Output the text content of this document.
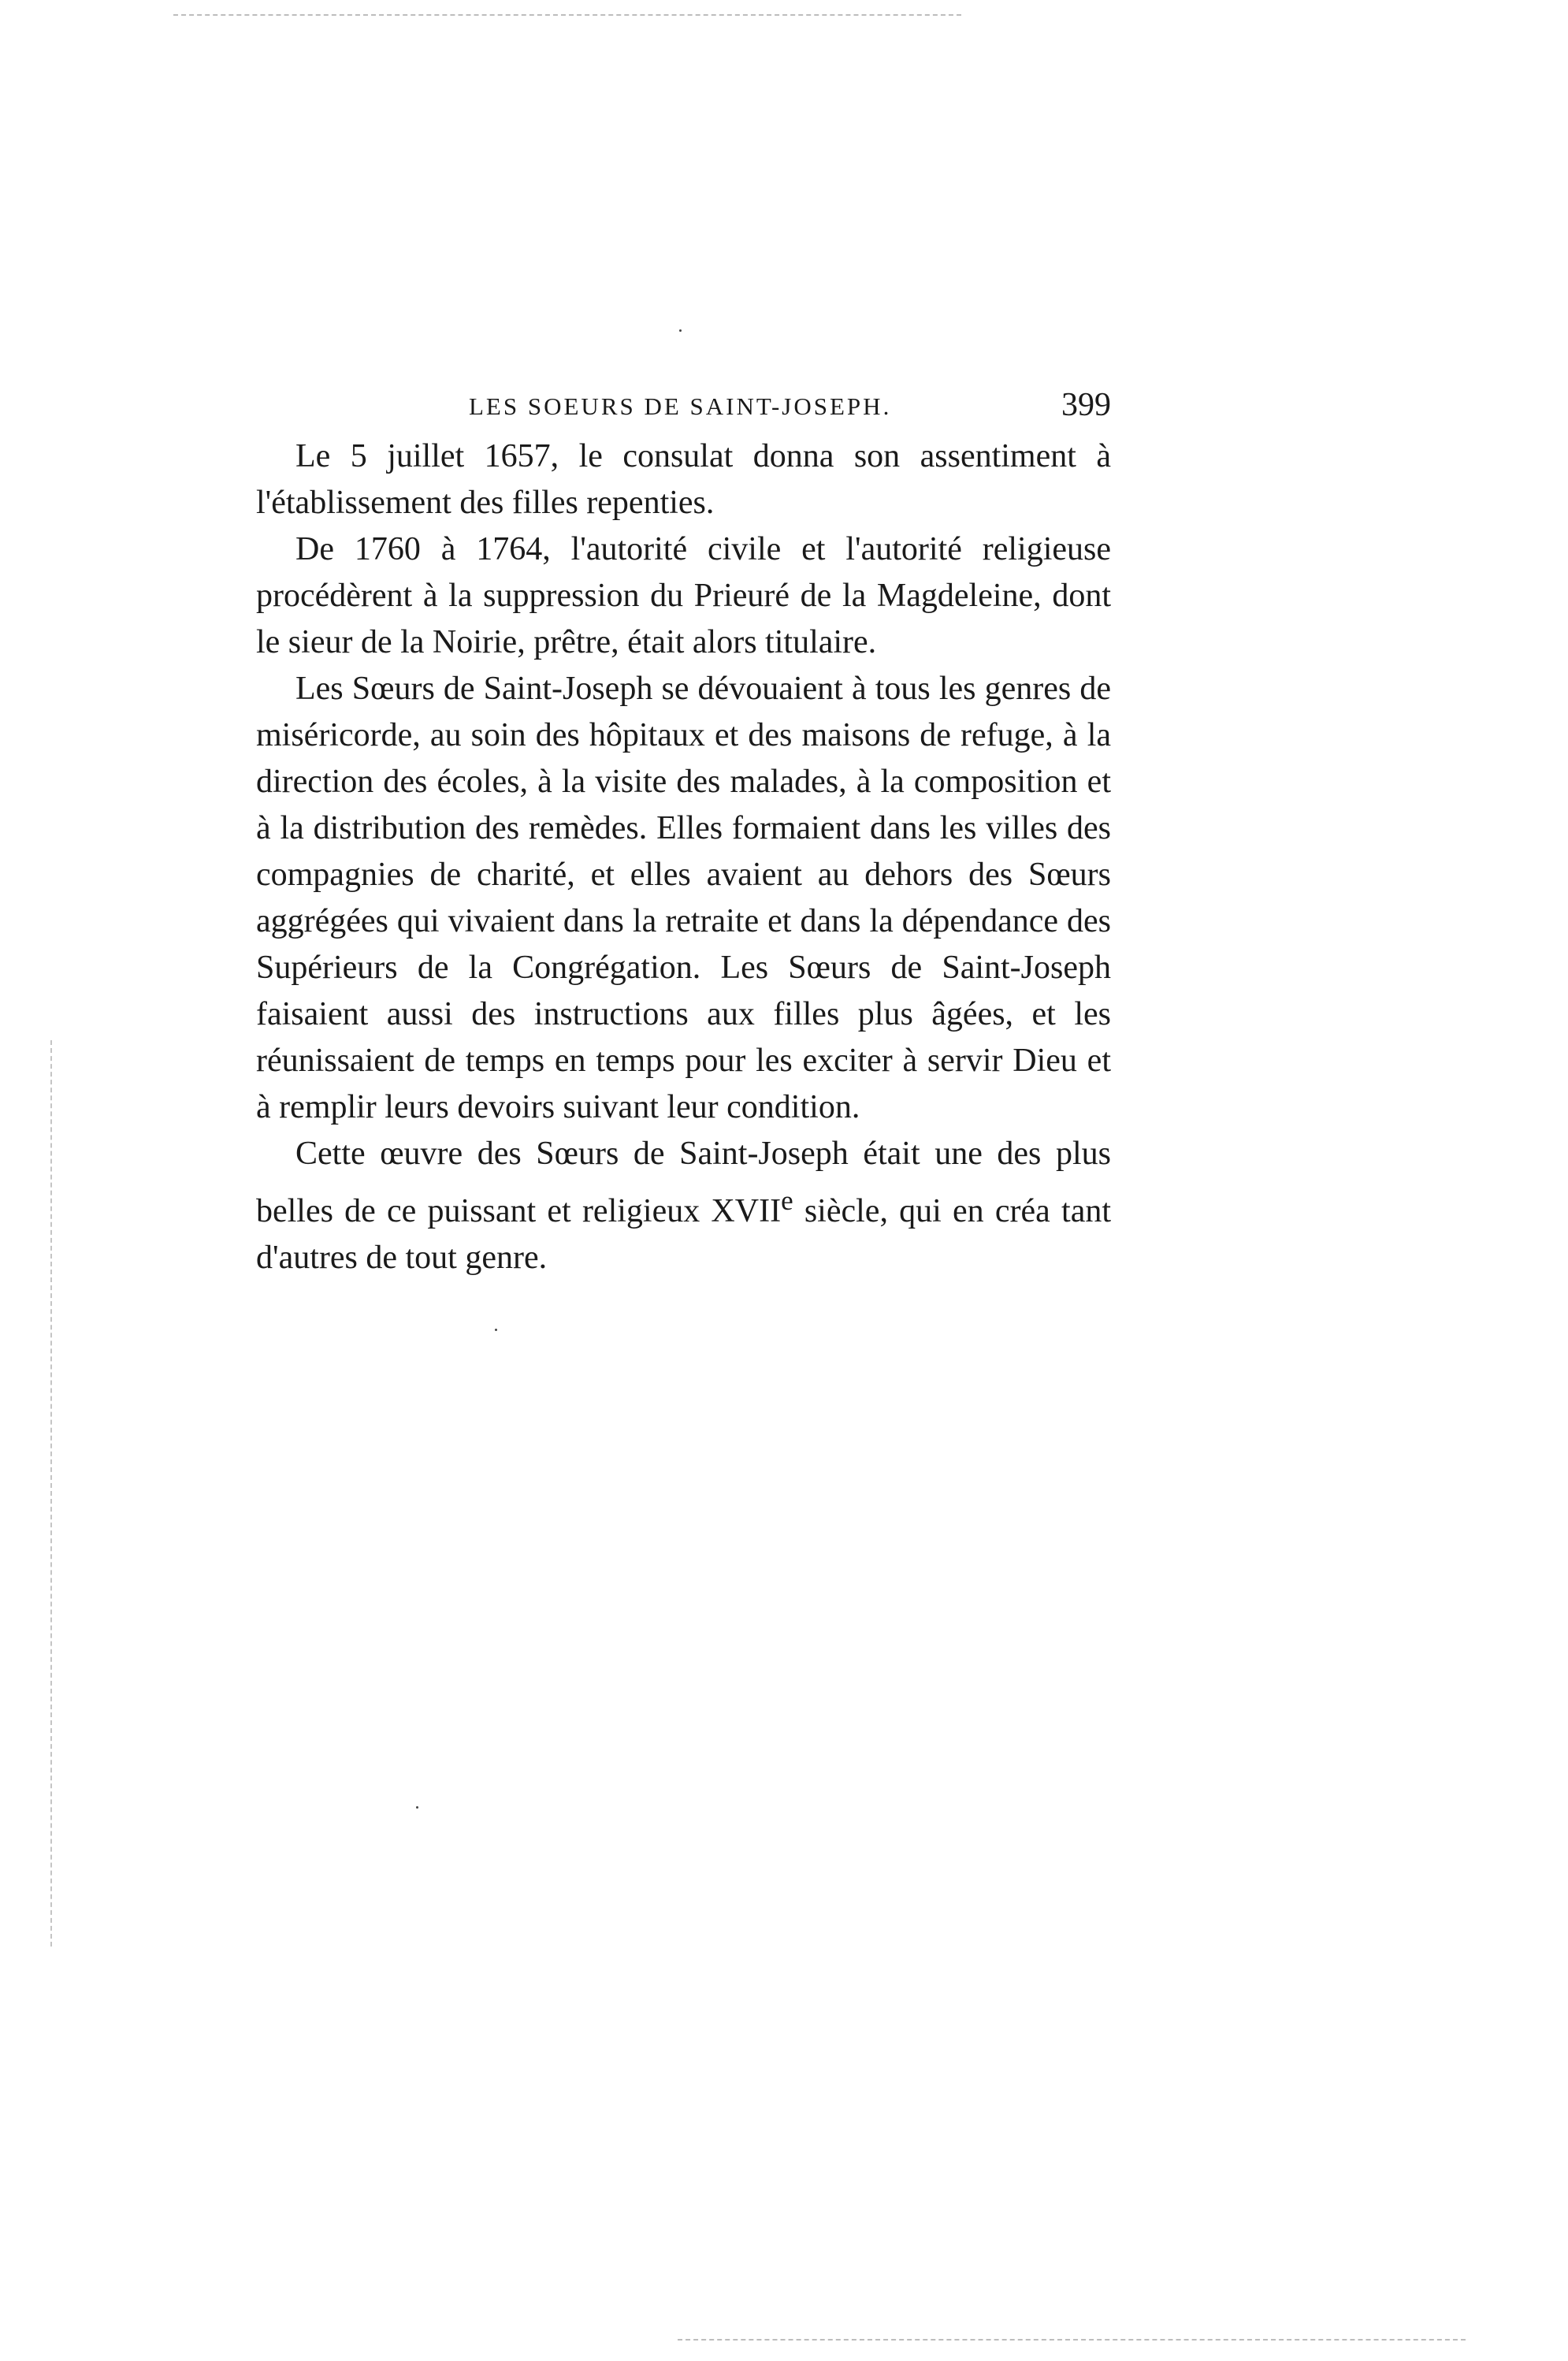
LES SOEURS DE SAINT-JOSEPH.	399

Le 5 juillet 1657, le consulat donna son assentiment à l'établissement des filles repenties.

De 1760 à 1764, l'autorité civile et l'autorité religieuse procédèrent à la suppression du Prieuré de la Magdeleine, dont le sieur de la Noirie, prêtre, était alors titulaire.

Les Sœurs de Saint-Joseph se dévouaient à tous les genres de miséricorde, au soin des hôpitaux et des maisons de refuge, à la direction des écoles, à la visite des malades, à la composition et à la distribution des remèdes. Elles formaient dans les villes des compagnies de charité, et elles avaient au dehors des Sœurs aggrégées qui vivaient dans la retraite et dans la dépendance des Supérieurs de la Congrégation. Les Sœurs de Saint-Joseph faisaient aussi des instructions aux filles plus âgées, et les réunissaient de temps en temps pour les exciter à servir Dieu et à remplir leurs devoirs suivant leur condition.

Cette œuvre des Sœurs de Saint-Joseph était une des plus belles de ce puissant et religieux XVIIe siècle, qui en créa tant d'autres de tout genre.
